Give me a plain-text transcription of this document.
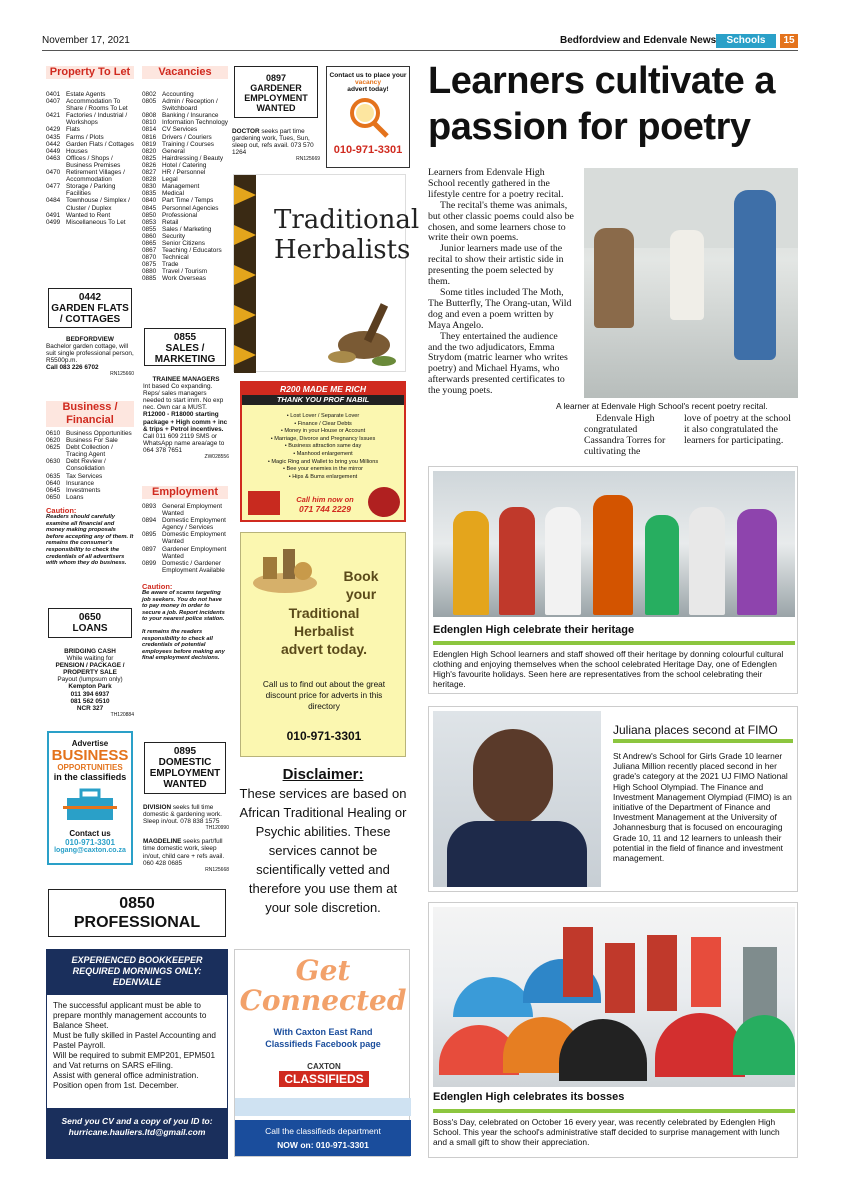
November 17, 2021	Bedfordview and Edenvale News	Schools	15
Property To Let
0401 Estate Agents
0407 Accommodation To Share / Rooms To Let
0421 Factories / Industrial / Workshops
0429 Flats
0435 Farms / Plots
0442 Garden Flats / Cottages
0449 Houses
0463 Offices / Shops / Business Premises
0470 Retirement Villages / Accommodation
0477 Storage / Parking Facilities
0484 Townhouse / Simplex / Cluster / Duplex
0491 Wanted to Rent
0499 Miscellaneous To Let
0442
GARDEN FLATS / COTTAGES
BEDFORDVIEW
Bachelor garden cottage, will suit single professional person, R5500p.m.
Call 083 226 6702
RN125660
Business / Financial
0610 Business Opportunities
0620 Business For Sale
0625 Debt Collection / Tracing Agent
0630 Debt Review / Consolidation
0635 Tax Services
0640 Insurance
0645 Investments
0650 Loans
Caution:
Readers should carefully examine all financial and money making proposals before accepting any of them. It remains the consumer's responsibility to check the credentials of all advertisers with whom they do business.
0650
LOANS
BRIDGING CASH
While waiting for
PENSION / PACKAGE / PROPERTY SALE
Payout (lumpsum only)
Kempton Park
011 394 6937
081 562 0510
NCR 327
TH120884
Advertise
BUSINESS
OPPORTUNITIES
in the classifieds
Contact us
010-971-3301
logang@caxton.co.za
Vacancies
0802 Accounting
0805 Admin / Reception / Switchboard
0808 Banking / Insurance
0810 Information Technology
0814 CV Services
0816 Drivers / Couriers
0819 Training / Courses
0820 General
0825 Hairdressing / Beauty
0826 Hotel / Catering
0827 HR / Personnel
0828 Legal
0830 Management
0835 Medical
0840 Part Time / Temps
0845 Personnel Agencies
0850 Professional
0853 Retail
0855 Sales / Marketing
0860 Security
0865 Senior Citizens
0867 Teaching / Educators
0870 Technical
0875 Trade
0880 Travel / Tourism
0885 Work Overseas
0855
SALES / MARKETING
TRAINEE MANAGERS
Int based Co expanding. Reps/ sales managers needed to start imm. No exp nec. Own car a MUST.
R12000 - R18000 starting package + High comm + inc & trips + Petrol incentives.
Call 011 609 2119 SMS or WhatsApp name area/age to 064 378 7651
ZW028556
Employment
0893 General Employment Wanted
0894 Domestic Employment Agency / Services
0895 Domestic Employment Wanted
0897 Gardener Employment Wanted
0899 Domestic / Gardener Employment Available
Caution:
Be aware of scams targeting job seekers. You do not have to pay money in order to secure a job. Report incidents to your nearest police station.
It remains the readers responsibility to check all credentials of potential employees before making any final employment decisions.
0895
DOMESTIC EMPLOYMENT WANTED
DIVISION seeks full time domestic & gardening work. Sleep in/out. 078 838 1575
TH120990
MAGDELINE seeks part/full time domestic work, sleep in/out, child care + refs avail. 060 428 0685
RN125668
0850
PROFESSIONAL
EXPERIENCED BOOKKEEPER REQUIRED MORNINGS ONLY: EDENVALE
The successful applicant must be able to prepare monthly management accounts to Balance Sheet.
Must be fully skilled in Pastel Accounting and Pastel Payroll.
Will be required to submit EMP201, EPM501 and Vat returns on SARS eFiling.
Assist with general office administration.
Position open from 1st. December.
Send you CV and a copy of you ID to:
hurricane.hauliers.ltd@gmail.com
0897
GARDENER EMPLOYMENT WANTED
DOCTOR seeks part time gardening work, Tues, Sun, sleep out, refs avail. 073 570 1264
RN125669
Contact us to place your
vacancy
advert today!
010-971-3301
Traditional
Herbalists
R200 MADE ME RICH
THANK YOU PROF NABIL
• Lost Lover / Separate Lover
• Finance / Clear Debts
• Money in your House or Account
• Marriage, Divorce and Pregnancy Issues
• Business attraction same day
• Manhood enlargement
• Magic Ring and Wallet to bring you Millions
• Bee your enemies in the mirror
• Hips & Bums enlargement
Call him now on
071 744 2229
Book
your
Traditional
Herbalist
advert today.
Call us to find out about the great discount price for adverts in this directory
010-971-3301
Disclaimer:
These services are based on African Traditional Healing or Psychic abilities. These services cannot be scientifically vetted and therefore you use them at your sole discretion.
Get
Connected
With Caxton East Rand
Classifieds Facebook page
CAXTON
CLASSIFIEDS
Call the classifieds department
NOW on: 010-971-3301
Learners cultivate a passion for poetry
Learners from Edenvale High School recently gathered in the lifestyle centre for a poetry recital.
The recital's theme was animals, but other classic poems could also be chosen, and some learners chose to write their own poems.
Junior learners made use of the recital to show their artistic side in presenting the poem selected by them.
Some titles included The Moth, The Butterfly, The Orang-utan, Wild dog and even a poem written by Maya Angelo.
They entertained the audience and the two adjudicators, Emma Strydom (matric learner who writes poetry) and Michael Hyams, who afterwards presented certificates to the young poets.
A learner at Edenvale High School's recent poetry recital.
Edenvale High congratulated Cassandra Torres for cultivating the
love of poetry at the school it also congratulated the learners for participating.
Edenglen High celebrate their heritage
Edenglen High School learners and staff showed off their heritage by donning colourful cultural clothing and enjoying themselves when the school celebrated Heritage Day, one of Edenglen High's favourite holidays. Seen here are representatives from the school celebrating their heritage.
Juliana places second at FIMO
St Andrew's School for Girls Grade 10 learner Juliana Million recently placed second in her grade's category at the 2021 UJ FIMO National High School Olympiad. The Finance and Investment Management Olympiad (FIMO) is an initiative of the Department of Finance and Investment Management at the University of Johannesburg that is focused on encouraging Grade 10, 11 and 12 learners to unleash their potential in the field of finance and investment management.
Edenglen High celebrates its bosses
Boss's Day, celebrated on October 16 every year, was recently celebrated by Edenglen High School. This year the school's administrative staff decided to surprise management with lunch and a small gift to show their appreciation.
